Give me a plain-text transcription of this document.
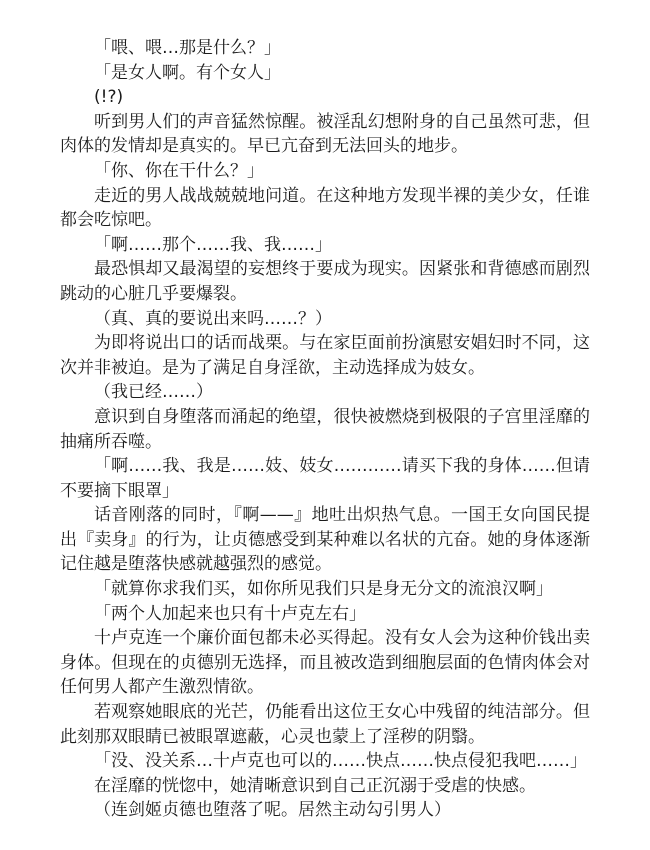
「喂、喂…那是什么？」

「是女人啊。有个女人」

(!?)

听到男人们的声音猛然惊醒。被淫乱幻想附身的自己虽然可悲，但肉体的发情却是真实的。早已亢奋到无法回头的地步。

「你、你在干什么？」

走近的男人战战兢兢地问道。在这种地方发现半裸的美少女，任谁都会吃惊吧。

「啊……那个……我、我……」

最恐惧却又最渴望的妄想终于要成为现实。因紧张和背德感而剧烈跳动的心脏几乎要爆裂。

（真、真的要说出来吗……？）

为即将说出口的话而战栗。与在家臣面前扮演慰安娼妇时不同，这次并非被迫。是为了满足自身淫欲，主动选择成为妓女。

（我已经……）

意识到自身堕落而涌起的绝望，很快被燃烧到极限的子宫里淫靡的抽痛所吞噬。

「啊……我、我是……妓、妓女…………请买下我的身体……但请不要摘下眼罩」

话音刚落的同时，『啊——』地吐出炽热气息。一国王女向国民提出『卖身』的行为，让贞德感受到某种难以名状的亢奋。她的身体逐渐记住越是堕落快感就越强烈的感觉。

「就算你求我们买，如你所见我们只是身无分文的流浪汉啊」

「两个人加起来也只有十卢克左右」

十卢克连一个廉价面包都未必买得起。没有女人会为这种价钱出卖身体。但现在的贞德别无选择，而且被改造到细胞层面的色情肉体会对任何男人都产生激烈情欲。

若观察她眼底的光芒，仍能看出这位王女心中残留的纯洁部分。但此刻那双眼睛已被眼罩遮蔽，心灵也蒙上了淫秽的阴翳。

「没、没关系…十卢克也可以的……快点……快点侵犯我吧……」

在淫靡的恍惚中，她清晰意识到自己正沉溺于受虐的快感。

（连剑姬贞德也堕落了呢。居然主动勾引男人）
